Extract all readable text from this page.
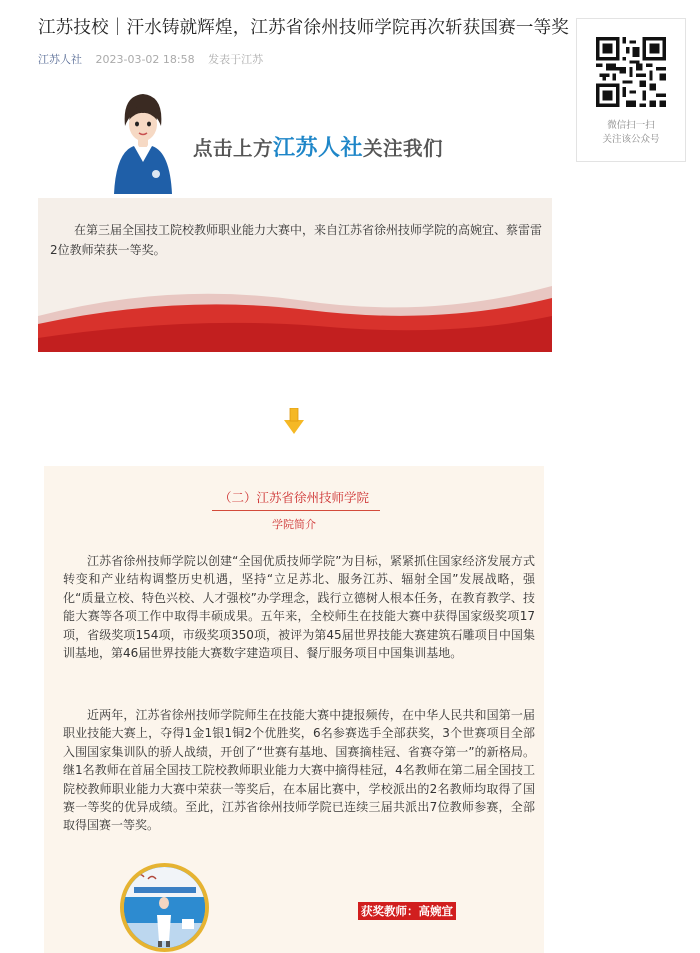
江苏技校｜汗水铸就辉煌，江苏省徐州技师学院再次斩获国赛一等奖
江苏人社 2023-03-02 18:58 发表于江苏
微信扫一扫
关注该公众号
点击上方江苏人社关注我们

在第三届全国技工院校教师职业能力大赛中，来自江苏省徐州技师学院的高婉宜、蔡雷雷2位教师荣获一等奖。

（二）江苏省徐州技师学院
学院简介

江苏省徐州技师学院以创建“全国优质技师学院”为目标，紧紧抓住国家经济发展方式转变和产业结构调整历史机遇，坚持“立足苏北、服务江苏、辐射全国”发展战略，强化“质量立校、特色兴校、人才强校”办学理念，践行立德树人根本任务，在教育教学、技能大赛等各项工作中取得丰硕成果。五年来，全校师生在技能大赛中获得国家级奖项17项，省级奖项154项，市级奖项350项，被评为第45届世界技能大赛建筑石雕项目中国集训基地，第46届世界技能大赛数字建造项目、餐厅服务项目中国集训基地。

近两年，江苏省徐州技师学院师生在技能大赛中捷报频传，在中华人民共和国第一届职业技能大赛上，夺得1金1银1铜2个优胜奖，6名参赛选手全部获奖，3个世赛项目全部入围国家集训队的骄人战绩，开创了“世赛有基地、国赛摘桂冠、省赛夺第一”的新格局。继1名教师在首届全国技工院校教师职业能力大赛中摘得桂冠，4名教师在第二届全国技工院校教师职业能力大赛中荣获一等奖后，在本届比赛中，学校派出的2名教师均取得了国赛一等奖的优异成绩。至此，江苏省徐州技师学院已连续三届共派出7位教师参赛，全部取得国赛一等奖。

获奖教师：高婉宜
